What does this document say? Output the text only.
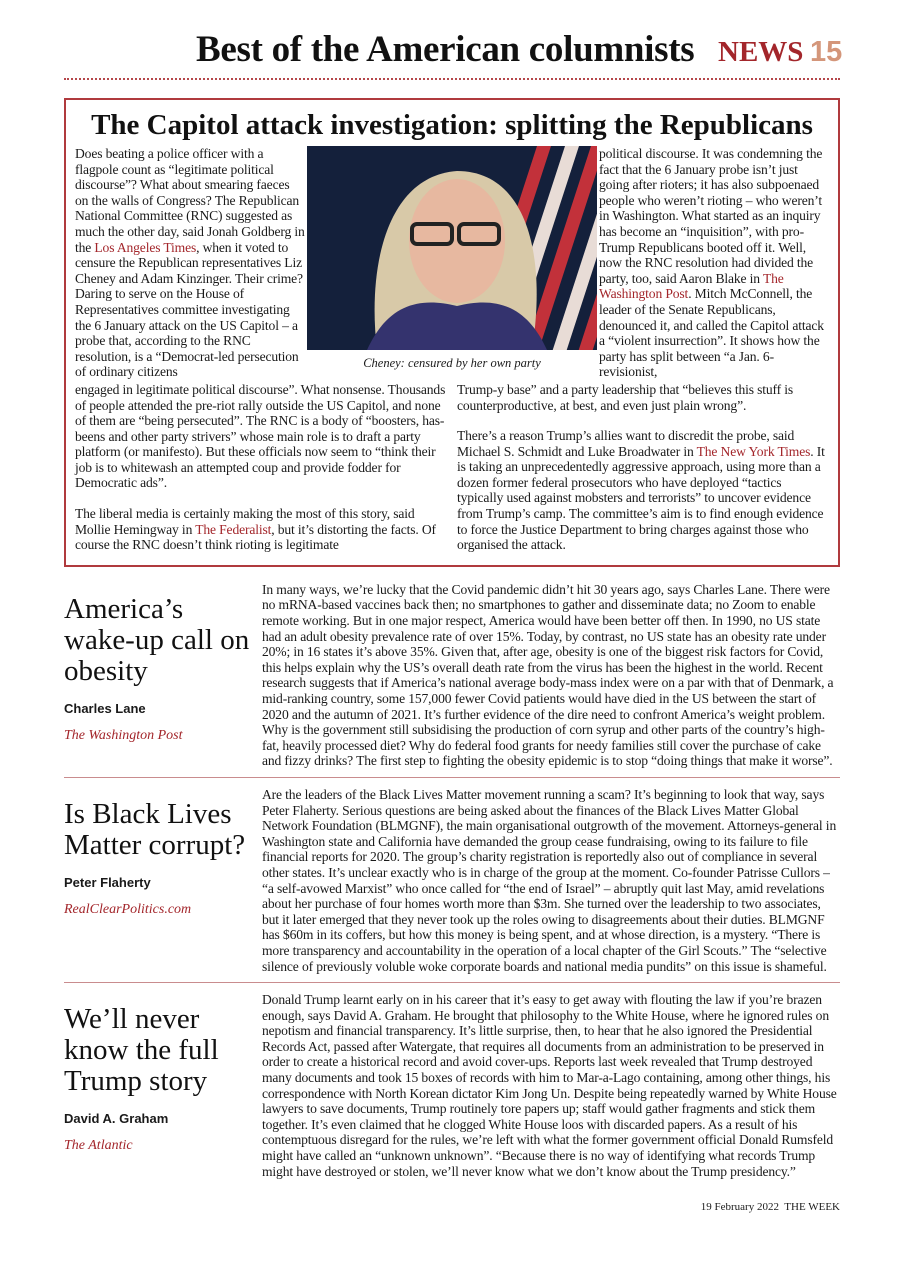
Best of the American columnists NEWS 15
The Capitol attack investigation: splitting the Republicans

Does beating a police officer with a flagpole count as “legitimate political discourse”? What about smearing faeces on the walls of Congress? The Republican National Committee (RNC) suggested as much the other day, said Jonah Goldberg in the Los Angeles Times, when it voted to censure the Republican representatives Liz Cheney and Adam Kinzinger. Their crime? Daring to serve on the House of Representatives committee investigating the 6 January attack on the US Capitol – a probe that, according to the RNC resolution, is a “Democrat-led persecution of ordinary citizens

Cheney: censured by her own party

political discourse. It was condemning the fact that the 6 January probe isn’t just going after rioters; it has also subpoenaed people who weren’t rioting – who weren’t in Washington. What started as an inquiry has become an “inquisition”, with pro-Trump Republicans booted off it. Well, now the RNC resolution had divided the party, too, said Aaron Blake in The Washington Post. Mitch McConnell, the leader of the Senate Republicans, denounced it, and called the Capitol attack a “violent insurrection”. It shows how the party has split between “a Jan. 6-revisionist,

engaged in legitimate political discourse”. What nonsense. Thousands of people attended the pre-riot rally outside the US Capitol, and none of them are “being persecuted”. The RNC is a body of “boosters, has-beens and other party strivers” whose main role is to draft a party platform (or manifesto). But these officials now seem to “think their job is to whitewash an attempted coup and provide fodder for Democratic ads”.

The liberal media is certainly making the most of this story, said Mollie Hemingway in The Federalist, but it’s distorting the facts. Of course the RNC doesn’t think rioting is legitimate

Trump-y base” and a party leadership that “believes this stuff is counterproductive, at best, and even just plain wrong”.

There’s a reason Trump’s allies want to discredit the probe, said Michael S. Schmidt and Luke Broadwater in The New York Times. It is taking an unprecedentedly aggressive approach, using more than a dozen former federal prosecutors who have deployed “tactics typically used against mobsters and terrorists” to uncover evidence from Trump’s camp. The committee’s aim is to find enough evidence to force the Justice Department to bring charges against those who organised the attack.

America’s wake-up call on obesity
Charles Lane
The Washington Post
In many ways, we’re lucky that the Covid pandemic didn’t hit 30 years ago, says Charles Lane. There were no mRNA-based vaccines back then; no smartphones to gather and disseminate data; no Zoom to enable remote working. But in one major respect, America would have been better off then. In 1990, no US state had an adult obesity prevalence rate of over 15%. Today, by contrast, no US state has an obesity rate under 20%; in 16 states it’s above 35%. Given that, after age, obesity is one of the biggest risk factors for Covid, this helps explain why the US’s overall death rate from the virus has been the highest in the world. Recent research suggests that if America’s national average body-mass index were on a par with that of Denmark, a mid-ranking country, some 157,000 fewer Covid patients would have died in the US between the start of 2020 and the autumn of 2021. It’s further evidence of the dire need to confront America’s weight problem. Why is the government still subsidising the production of corn syrup and other parts of the country’s high-fat, heavily processed diet? Why do federal food grants for needy families still cover the purchase of cake and fizzy drinks? The first step to fighting the obesity epidemic is to stop “doing things that make it worse”.
Is Black Lives Matter corrupt?
Peter Flaherty
RealClearPolitics.com
Are the leaders of the Black Lives Matter movement running a scam? It’s beginning to look that way, says Peter Flaherty. Serious questions are being asked about the finances of the Black Lives Matter Global Network Foundation (BLMGNF), the main organisational outgrowth of the movement. Attorneys-general in Washington state and California have demanded the group cease fundraising, owing to its failure to file financial reports for 2020. The group’s charity registration is reportedly also out of compliance in several other states. It’s unclear exactly who is in charge of the group at the moment. Co-founder Patrisse Cullors – “a self-avowed Marxist” who once called for “the end of Israel” – abruptly quit last May, amid revelations about her purchase of four homes worth more than $3m. She turned over the leadership to two associates, but it later emerged that they never took up the roles owing to disagreements about their duties. BLMGNF has $60m in its coffers, but how this money is being spent, and at whose direction, is a mystery. “There is more transparency and accountability in the operation of a local chapter of the Girl Scouts.” The “selective silence of previously voluble woke corporate boards and national media pundits” on this issue is shameful.
We’ll never know the full Trump story
David A. Graham
The Atlantic
Donald Trump learnt early on in his career that it’s easy to get away with flouting the law if you’re brazen enough, says David A. Graham. He brought that philosophy to the White House, where he ignored rules on nepotism and financial transparency. It’s little surprise, then, to hear that he also ignored the Presidential Records Act, passed after Watergate, that requires all documents from an administration to be preserved in order to create a historical record and avoid cover-ups. Reports last week revealed that Trump destroyed many documents and took 15 boxes of records with him to Mar-a-Lago containing, among other things, his correspondence with North Korean dictator Kim Jong Un. Despite being repeatedly warned by White House lawyers to save documents, Trump routinely tore papers up; staff would gather fragments and stick them together. It’s even claimed that he clogged White House loos with discarded papers. As a result of his contemptuous disregard for the rules, we’re left with what the former government official Donald Rumsfeld might have called an “unknown unknown”. “Because there is no way of identifying what records Trump might have destroyed or stolen, we’ll never know what we don’t know about the Trump presidency.”
19 February 2022 THE WEEK
